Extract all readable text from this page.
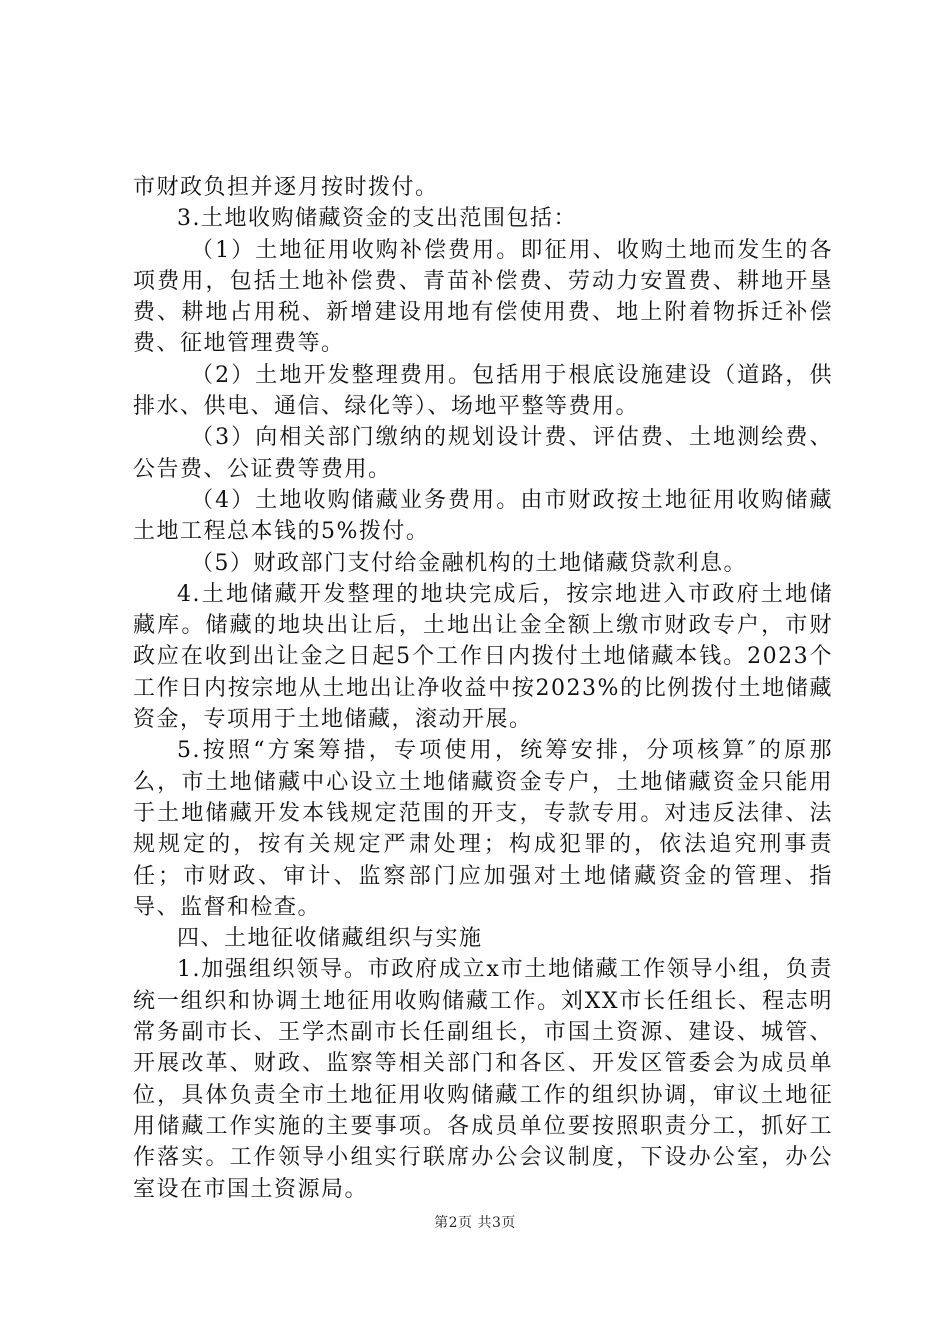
市财政负担并逐月按时拨付。

3.土地收购储藏资金的支出范围包括：

（1）土地征用收购补偿费用。即征用、收购土地而发生的各项费用，包括土地补偿费、青苗补偿费、劳动力安置费、耕地开垦费、耕地占用税、新增建设用地有偿使用费、地上附着物拆迁补偿费、征地管理费等。

（2）土地开发整理费用。包括用于根底设施建设（道路，供排水、供电、通信、绿化等）、场地平整等费用。

（3）向相关部门缴纳的规划设计费、评估费、土地测绘费、公告费、公证费等费用。

（4）土地收购储藏业务费用。由市财政按土地征用收购储藏土地工程总本钱的5%拨付。

（5）财政部门支付给金融机构的土地储藏贷款利息。

4.土地储藏开发整理的地块完成后，按宗地进入市政府土地储藏库。储藏的地块出让后，土地出让金全额上缴市财政专户，市财政应在收到出让金之日起5个工作日内拨付土地储藏本钱。2023个工作日内按宗地从土地出让净收益中按2023%的比例拨付土地储藏资金，专项用于土地储藏，滚动开展。

5.按照“方案筹措，专项使用，统筹安排，分项核算″的原那么，市土地储藏中心设立土地储藏资金专户，土地储藏资金只能用于土地储藏开发本钱规定范围的开支，专款专用。对违反法律、法规规定的，按有关规定严肃处理；构成犯罪的，依法追究刑事责任；市财政、审计、监察部门应加强对土地储藏资金的管理、指导、监督和检查。

四、土地征收储藏组织与实施

1.加强组织领导。市政府成立x市土地储藏工作领导小组，负责统一组织和协调土地征用收购储藏工作。刘XX市长任组长、程志明常务副市长、王学杰副市长任副组长，市国土资源、建设、城管、开展改革、财政、监察等相关部门和各区、开发区管委会为成员单位，具体负责全市土地征用收购储藏工作的组织协调，审议土地征用储藏工作实施的主要事项。各成员单位要按照职责分工，抓好工作落实。工作领导小组实行联席办公会议制度，下设办公室，办公室设在市国土资源局。

第2页 共3页
